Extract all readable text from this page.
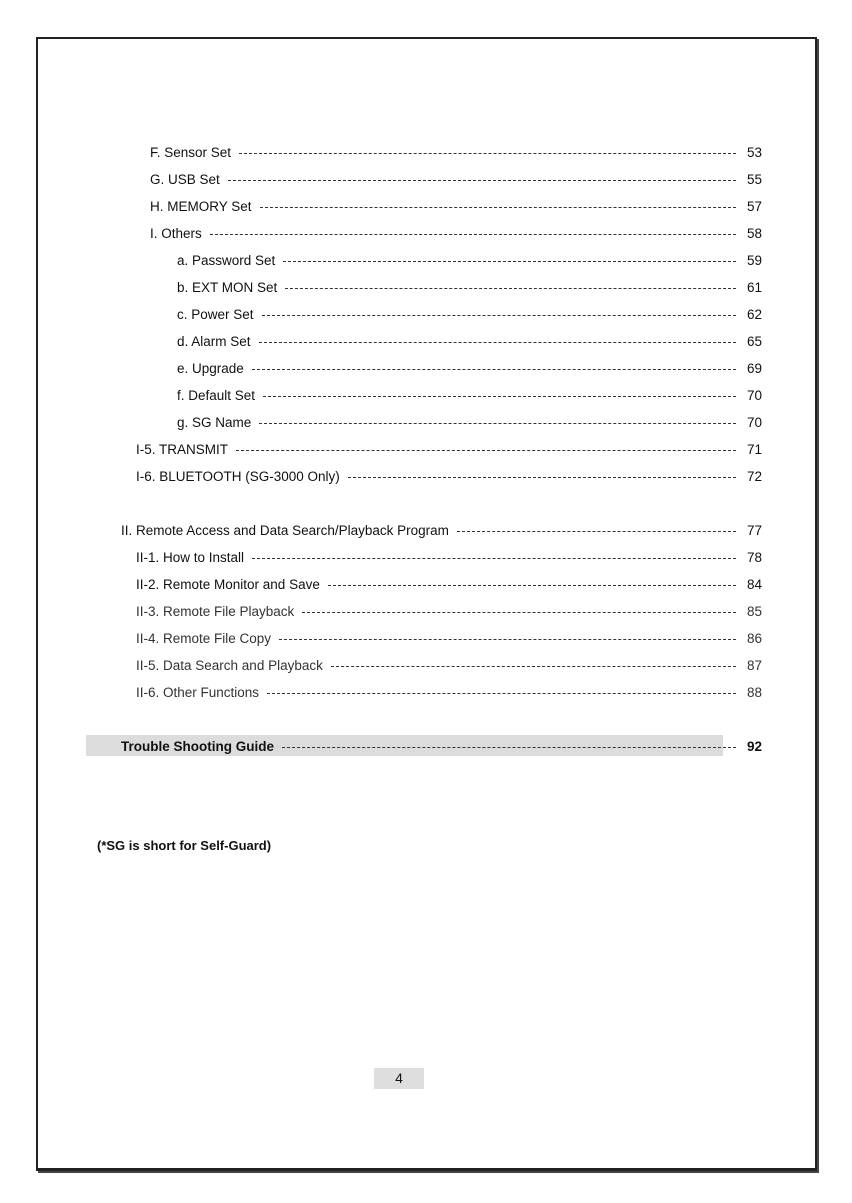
F. Sensor Set	53
G. USB Set	55
H. MEMORY Set	57
I. Others	58
a. Password Set	59
b. EXT MON Set	61
c. Power Set	62
d. Alarm Set	65
e. Upgrade	69
f. Default Set	70
g. SG Name	70
I-5. TRANSMIT	71
I-6. BLUETOOTH (SG-3000 Only)	72
II. Remote Access and Data Search/Playback Program	77
II-1. How to Install	78
II-2. Remote Monitor and Save	84
II-3. Remote File Playback	85
II-4. Remote File Copy	86
II-5. Data Search and Playback	87
II-6. Other Functions	88
Trouble Shooting Guide	92
(*SG is short for Self-Guard)
4
